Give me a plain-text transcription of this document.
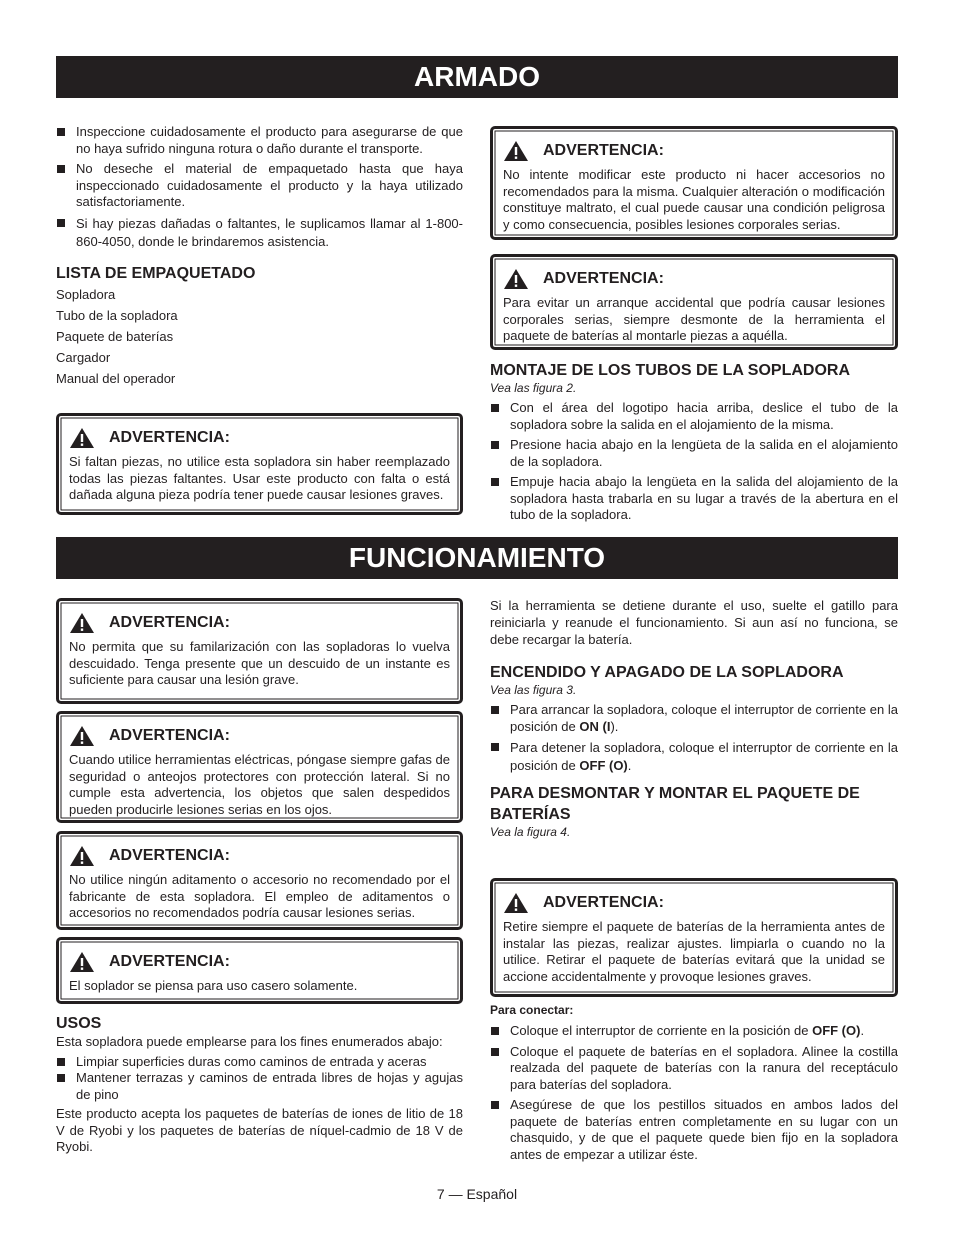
ARMADO

Inspeccione cuidadosamente el producto para asegurarse de que no haya sufrido ninguna rotura o daño durante el transporte.

No deseche el material de empaquetado hasta que haya inspeccionado cuidadosamente el producto y la haya utilizado satisfactoriamente.

Si hay piezas dañadas o faltantes, le suplicamos llamar al 1-800-860-4050, donde le brindaremos asistencia.

LISTA DE EMPAQUETADO

Sopladora

Tubo de la sopladora

Paquete de baterías

Cargador

Manual del operador

ADVERTENCIA:

Si faltan piezas, no utilice esta sopladora sin haber reemplazado todas las piezas faltantes. Usar este producto con falta o está dañada alguna pieza podría tener puede causar lesiones graves.

ADVERTENCIA:

No intente modificar este producto ni hacer accesorios no recomendados para la misma. Cualquier alteración o modificación constituye maltrato, el cual puede causar una condición peligrosa y como consecuencia, posibles lesiones corporales serias.

ADVERTENCIA:

Para evitar un arranque accidental que podría causar lesiones corporales serias, siempre desmonte de la herramienta el paquete de baterías al montarle piezas a aquélla.

MONTAJE DE LOS TUBOS DE LA SOPLADORA

Vea las figura 2.

Con el área del logotipo hacia arriba, deslice el tubo de la sopladora sobre la salida en el alojamiento de la misma.

Presione hacia abajo en la lengüeta de la salida en el alojamiento de la sopladora.

Empuje hacia abajo la lengüeta en la salida del alojamiento de la sopladora hasta trabarla en su lugar a través de la abertura en el tubo de la sopladora.

FUNCIONAMIENTO
ADVERTENCIA:

No permita que su familarización con las sopladoras lo vuelva descuidado. Tenga presente que un descuido de un instante es suficiente para causar una lesión grave.

ADVERTENCIA:

Cuando utilice herramientas eléctricas, póngase siempre gafas de seguridad o anteojos protectores con protección lateral. Si no cumple esta advertencia, los objetos que salen despedidos pueden producirle lesiones serias en los ojos.

ADVERTENCIA:

No utilice ningún aditamento o accesorio no recomendado por el fabricante de esta sopladora. El empleo de aditamentos o accesorios no recomendados podría causar lesiones serias.

ADVERTENCIA:

El soplador se piensa para uso casero solamente.

USOS

Esta sopladora puede emplearse para los fines enumerados abajo:

Limpiar superficies duras como caminos de entrada y aceras

Mantener terrazas y caminos de entrada libres de hojas y agujas de pino

Este producto acepta los paquetes de baterías de iones de litio de 18 V de Ryobi y los paquetes de baterías de níquel-cadmio de 18 V de Ryobi.

Si la herramienta se detiene durante el uso, suelte el gatillo para reiniciarla y reanude el funcionamiento. Si aun así no funciona, se debe recargar la batería.

ENCENDIDO Y APAGADO DE LA SOPLADORA

Vea las figura 3.

Para arrancar la sopladora, coloque el interruptor de corriente en la posición de ON (I).

Para detener la sopladora, coloque el interruptor de corriente en la posición de OFF (O).

PARA DESMONTAR Y MONTAR EL PAQUETE DE BATERÍAS

Vea la figura 4.

ADVERTENCIA:

Retire siempre el paquete de baterías de la herramienta antes de instalar las piezas, realizar ajustes. limpiarla o cuando no la utilice. Retirar el paquete de baterías evitará que la unidad se accione accidentalmente y provoque lesiones graves.

Para conectar:

Coloque el interruptor de corriente en la posición de OFF (O).

Coloque el paquete de baterías en el sopladora. Alinee la costilla realzada del paquete de baterías con la ranura del receptáculo para baterías del sopladora.

Asegúrese de que los pestillos situados en ambos lados del paquete de baterías entren completamente en su lugar con un chasquido, y de que el paquete quede bien fijo en la sopladora antes de empezar a utilizar éste.

7 — Español
